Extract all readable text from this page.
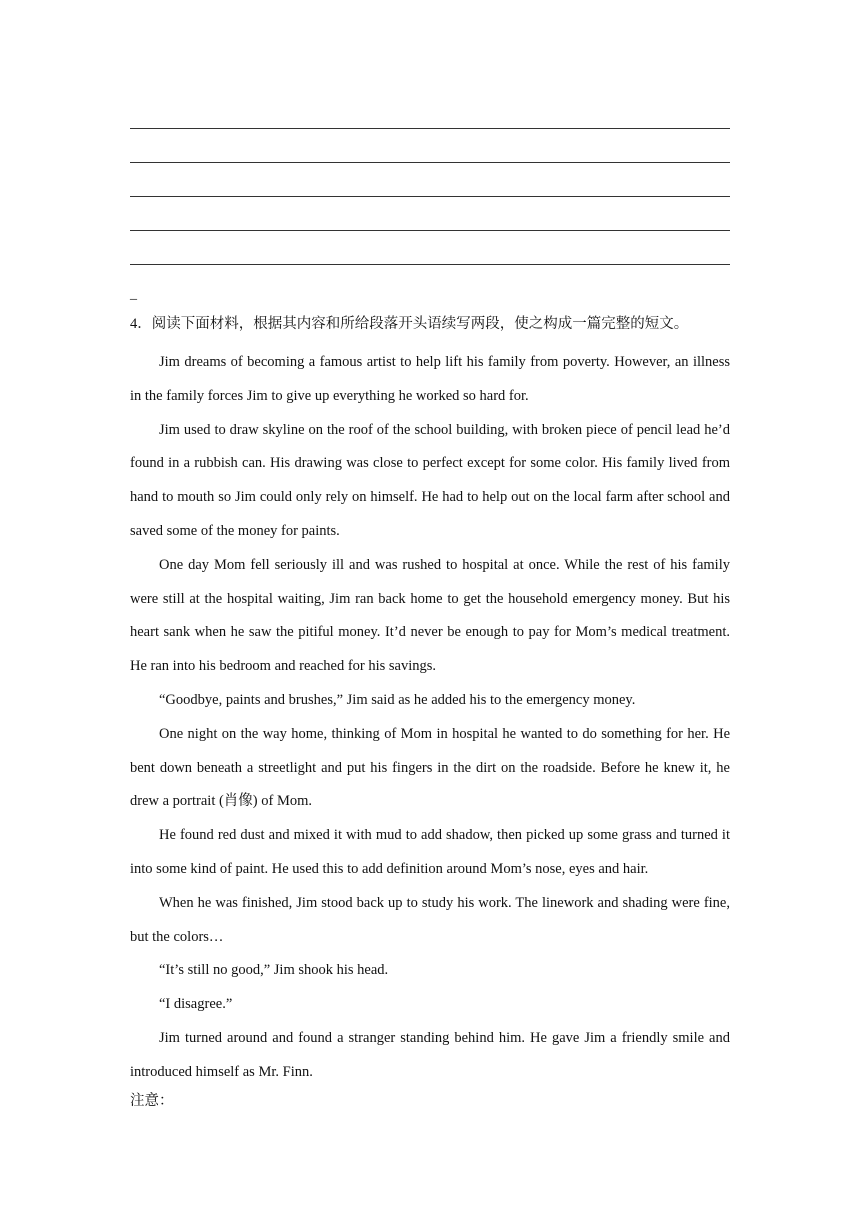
_
4．阅读下面材料，根据其内容和所给段落开头语续写两段，使之构成一篇完整的短文。

Jim dreams of becoming a famous artist to help lift his family from poverty. However, an illness in the family forces Jim to give up everything he worked so hard for.

Jim used to draw skyline on the roof of the school building, with broken piece of pencil lead he’d found in a rubbish can. His drawing was close to perfect except for some color. His family lived from hand to mouth so Jim could only rely on himself. He had to help out on the local farm after school and saved some of the money for paints.

One day Mom fell seriously ill and was rushed to hospital at once. While the rest of his family were still at the hospital waiting, Jim ran back home to get the household emergency money. But his heart sank when he saw the pitiful money. It’d never be enough to pay for Mom’s medical treatment. He ran into his bedroom and reached for his savings.

“Goodbye, paints and brushes,” Jim said as he added his to the emergency money.

One night on the way home, thinking of Mom in hospital he wanted to do something for her. He bent down beneath a streetlight and put his fingers in the dirt on the roadside. Before he knew it, he drew a portrait (肖像) of Mom.

He found red dust and mixed it with mud to add shadow, then picked up some grass and turned it into some kind of paint. He used this to add definition around Mom’s nose, eyes and hair.

When he was finished, Jim stood back up to study his work. The linework and shading were fine, but the colors…

“It’s still no good,” Jim shook his head.

“I disagree.”

Jim turned around and found a stranger standing behind him. He gave Jim a friendly smile and introduced himself as Mr. Finn.

注意：
